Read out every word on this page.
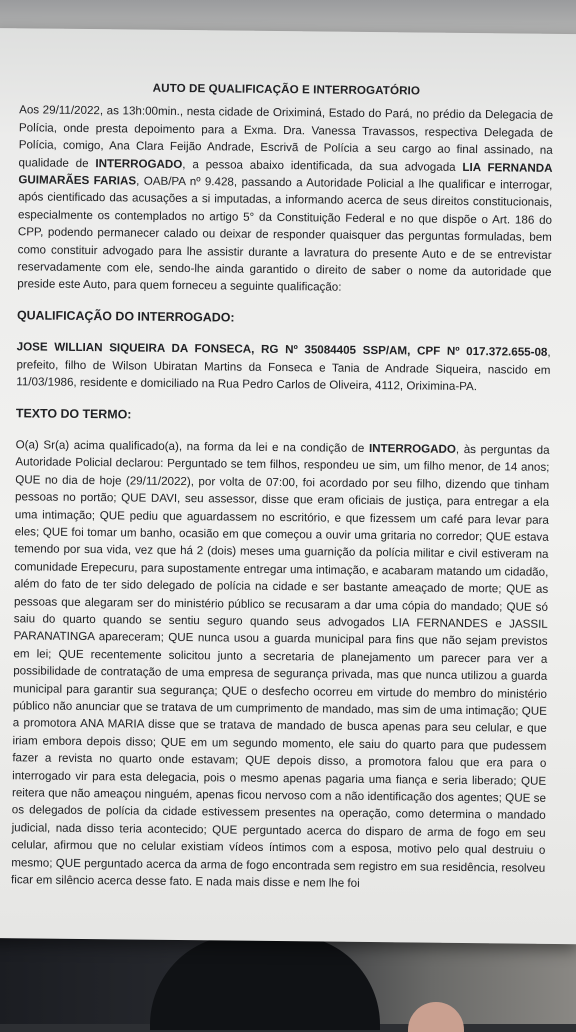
AUTO DE QUALIFICAÇÃO E INTERROGATÓRIO

Aos 29/11/2022, as 13h:00min., nesta cidade de Oriximiná, Estado do Pará, no prédio da Delegacia de Polícia, onde presta depoimento para a Exma. Dra. Vanessa Travassos, respectiva Delegada de Polícia, comigo, Ana Clara Feijão Andrade, Escrivã de Polícia a seu cargo ao final assinado, na qualidade de INTERROGADO, a pessoa abaixo identificada, da sua advogada LIA FERNANDA GUIMARÃES FARIAS, OAB/PA nº 9.428, passando a Autoridade Policial a lhe qualificar e interrogar, após cientificado das acusações a si imputadas, a informando acerca de seus direitos constitucionais, especialmente os contemplados no artigo 5° da Constituição Federal e no que dispõe o Art. 186 do CPP, podendo permanecer calado ou deixar de responder quaisquer das perguntas formuladas, bem como constituir advogado para lhe assistir durante a lavratura do presente Auto e de se entrevistar reservadamente com ele, sendo-lhe ainda garantido o direito de saber o nome da autoridade que preside este Auto, para quem forneceu a seguinte qualificação:

QUALIFICAÇÃO DO INTERROGADO:

JOSE WILLIAN SIQUEIRA DA FONSECA, RG Nº 35084405 SSP/AM, CPF Nº 017.372.655-08, prefeito, filho de Wilson Ubiratan Martins da Fonseca e Tania de Andrade Siqueira, nascido em 11/03/1986, residente e domiciliado na Rua Pedro Carlos de Oliveira, 4112, Oriximina-PA.

TEXTO DO TERMO:

O(a) Sr(a) acima qualificado(a), na forma da lei e na condição de INTERROGADO, às perguntas da Autoridade Policial declarou: Perguntado se tem filhos, respondeu ue sim, um filho menor, de 14 anos; QUE no dia de hoje (29/11/2022), por volta de 07:00, foi acordado por seu filho, dizendo que tinham pessoas no portão; QUE DAVI, seu assessor, disse que eram oficiais de justiça, para entregar a ela uma intimação; QUE pediu que aguardassem no escritório, e que fizessem um café para levar para eles; QUE foi tomar um banho, ocasião em que começou a ouvir uma gritaria no corredor; QUE estava temendo por sua vida, vez que há 2 (dois) meses uma guarnição da polícia militar e civil estiveram na comunidade Erepecuru, para supostamente entregar uma intimação, e acabaram matando um cidadão, além do fato de ter sido delegado de polícia na cidade e ser bastante ameaçado de morte; QUE as pessoas que alegaram ser do ministério público se recusaram a dar uma cópia do mandado; QUE só saiu do quarto quando se sentiu seguro quando seus advogados LIA FERNANDES e JASSIL PARANATINGA apareceram; QUE nunca usou a guarda municipal para fins que não sejam previstos em lei; QUE recentemente solicitou junto a secretaria de planejamento um parecer para ver a possibilidade de contratação de uma empresa de segurança privada, mas que nunca utilizou a guarda municipal para garantir sua segurança; QUE o desfecho ocorreu em virtude do membro do ministério público não anunciar que se tratava de um cumprimento de mandado, mas sim de uma intimação; QUE a promotora ANA MARIA disse que se tratava de mandado de busca apenas para seu celular, e que iriam embora depois disso; QUE em um segundo momento, ele saiu do quarto para que pudessem fazer a revista no quarto onde estavam; QUE depois disso, a promotora falou que era para o interrogado vir para esta delegacia, pois o mesmo apenas pagaria uma fiança e seria liberado; QUE reitera que não ameaçou ninguém, apenas ficou nervoso com a não identificação dos agentes; QUE se os delegados de polícia da cidade estivessem presentes na operação, como determina o mandado judicial, nada disso teria acontecido; QUE perguntado acerca do disparo de arma de fogo em seu celular, afirmou que no celular existiam vídeos íntimos com a esposa, motivo pelo qual destruiu o mesmo; QUE perguntado acerca da arma de fogo encontrada sem registro em sua residência, resolveu ficar em silêncio acerca desse fato. E nada mais disse e nem lhe foi
